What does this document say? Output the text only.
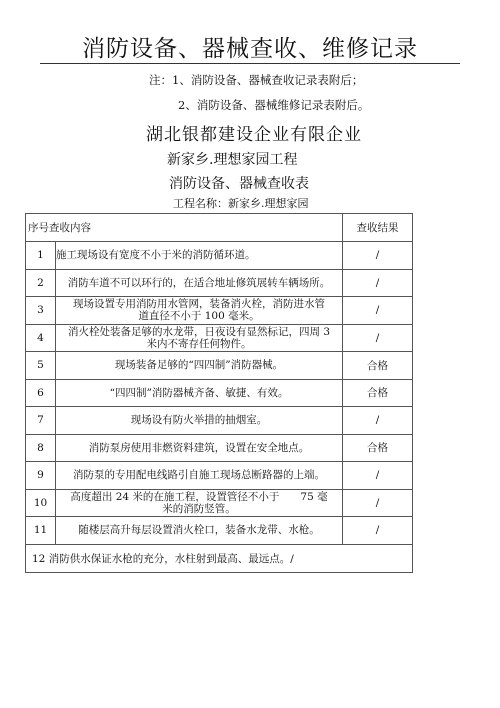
消防设备、器械查收、维修记录
注：1、消防设备、器械查收记录表附后；
2、消防设备、器械维修记录表附后。
湖北银都建设企业有限企业
新家乡.理想家园工程
消防设备、器械查收表
工程名称：新家乡.理想家园
序号查收内容		查收结果
1	施工现场设有宽度不小于米的消防循环道。	/
2	消防车道不可以环行的，在适合地址修筑展转车辆场所。	/
3	现场设置专用消防用水管网，装备消火栓，消防进水管道直径不小于 100 毫米。	/
4	消火栓处装备足够的水龙带，日夜设有显然标记，四周 3 米内不寄存任何物件。	/
5	现场装备足够的“四四制”消防器械。	合格
6	“四四制”消防器械齐备、敏捷、有效。	合格
7	现场设有防火举措的抽烟室。	/
8	消防泵房使用非燃资料建筑，设置在安全地点。	合格
9	消防泵的专用配电线路引自施工现场总断路器的上端。	/
10	高度超出 24 米的在施工程，设置管径不小于　　75 毫米的消防竖管。	/
11	随楼层高升每层设置消火栓口，装备水龙带、水枪。	/
12 消防供水保证水枪的充分，水柱射到最高、最远点。/		
